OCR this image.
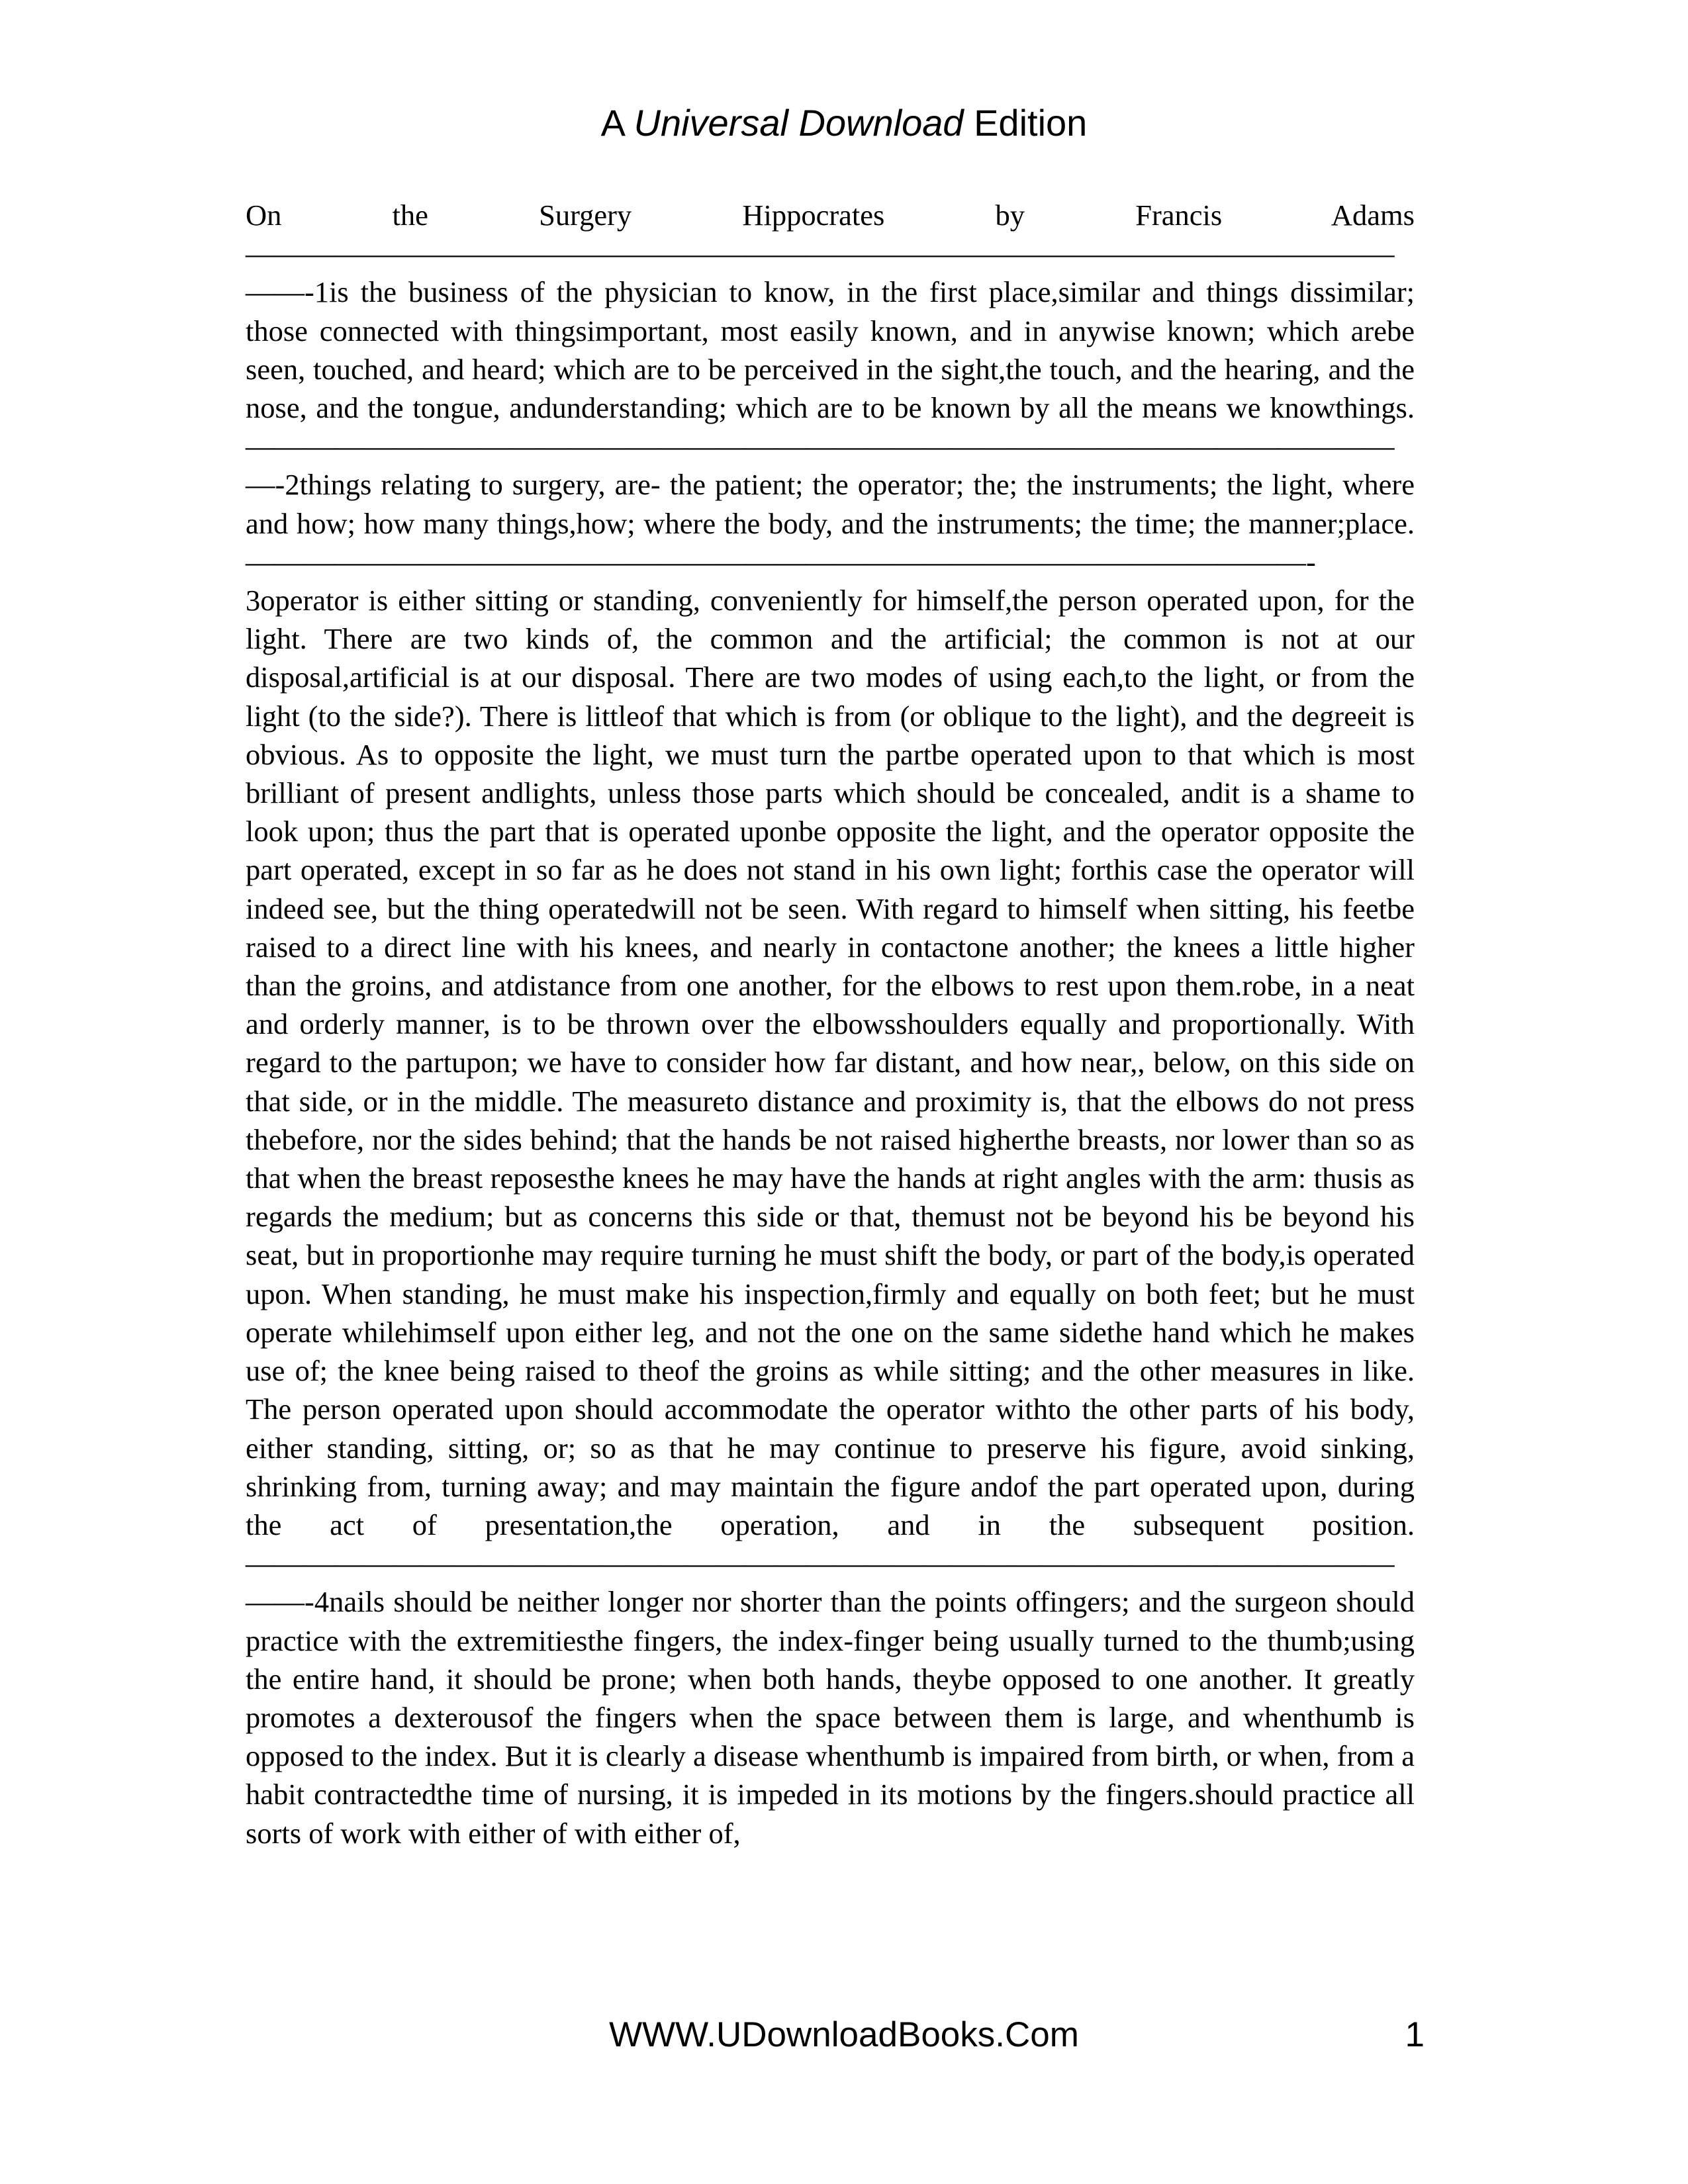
A Universal Download Edition

On the Surgery Hippocrates by Francis Adams—————————————————————————————————————————-1is the business of the physician to know, in the first place,similar and things dissimilar; those connected with thingsimportant, most easily known, and in anywise known; which arebe seen, touched, and heard; which are to be perceived in the sight,the touch, and the hearing, and the nose, and the tongue, andunderstanding; which are to be known by all the means we knowthings. ————————————————————————————————————————-2things relating to surgery, are- the patient; the operator; the; the instruments; the light, where and how; how many things,how; where the body, and the instruments; the time; the manner;place. ————————————————————————————————————-

3operator is either sitting or standing, conveniently for himself,the person operated upon, for the light. There are two kinds of, the common and the artificial; the common is not at our disposal,artificial is at our disposal. There are two modes of using each,to the light, or from the light (to the side?). There is littleof that which is from (or oblique to the light), and the degreeit is obvious. As to opposite the light, we must turn the partbe operated upon to that which is most brilliant of present andlights, unless those parts which should be concealed, andit is a shame to look upon; thus the part that is operated uponbe opposite the light, and the operator opposite the part operated, except in so far as he does not stand in his own light; forthis case the operator will indeed see, but the thing operatedwill not be seen. With regard to himself when sitting, his feetbe raised to a direct line with his knees, and nearly in contactone another; the knees a little higher than the groins, and atdistance from one another, for the elbows to rest upon them.robe, in a neat and orderly manner, is to be thrown over the elbowsshoulders equally and proportionally. With regard to the partupon; we have to consider how far distant, and how near,, below, on this side on that side, or in the middle. The measureto distance and proximity is, that the elbows do not press thebefore, nor the sides behind; that the hands be not raised higherthe breasts, nor lower than so as that when the breast reposesthe knees he may have the hands at right angles with the arm: thusis as regards the medium; but as concerns this side or that, themust not be beyond his be beyond his seat, but in proportionhe may require turning he must shift the body, or part of the body,is operated upon. When standing, he must make his inspection,firmly and equally on both feet; but he must operate whilehimself upon either leg, and not the one on the same sidethe hand which he makes use of; the knee being raised to theof the groins as while sitting; and the other measures in like. The person operated upon should accommodate the operator withto the other parts of his body, either standing, sitting, or; so as that he may continue to preserve his figure, avoid sinking, shrinking from, turning away; and may maintain the figure andof the part operated upon, during the act of presentation,the operation, and in the subsequent position. —————————————————————————————————————————-4nails should be neither longer nor shorter than the points offingers; and the surgeon should practice with the extremitiesthe fingers, the index-finger being usually turned to the thumb;using the entire hand, it should be prone; when both hands, theybe opposed to one another. It greatly promotes a dexterousof the fingers when the space between them is large, and whenthumb is opposed to the index. But it is clearly a disease whenthumb is impaired from birth, or when, from a habit contractedthe time of nursing, it is impeded in its motions by the fingers.should practice all sorts of work with either of with either of,

WWW.UDownloadBooks.Com	1
